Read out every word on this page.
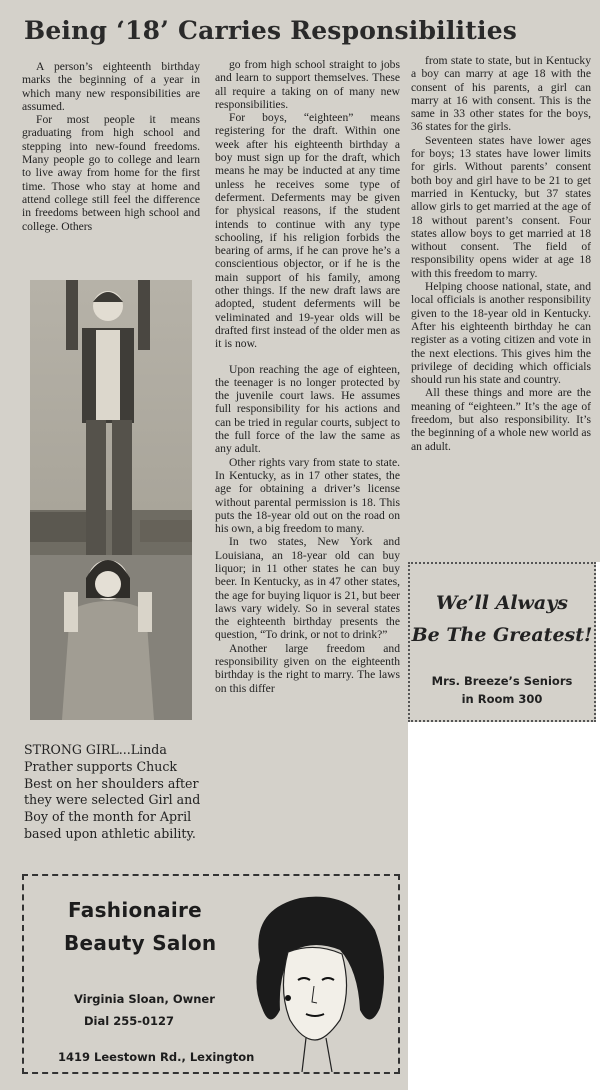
Being ‘18’ Carries Responsibilities

A person’s eighteenth birthday marks the beginning of a year in which many new responsibilities are assumed.

For most people it means graduating from high school and stepping into new-found freedoms. Many people go to college and learn to live away from home for the first time. Those who stay at home and attend college still feel the difference in freedoms between high school and college. Others

go from high school straight to jobs and learn to support themselves. These all require a taking on of many new responsibilities.

For boys, “eighteen” means registering for the draft. Within one week after his eighteenth birthday a boy must sign up for the draft, which means he may be inducted at any time unless he receives some type of deferment. Deferments may be given for physical reasons, if the student intends to continue with any type schooling, if his religion forbids the bearing of arms, if he can prove he’s a conscientious objector, or if he is the main support of his family, among other things. If the new draft laws are adopted, student deferments will be veliminated and 19-year olds will be drafted first instead of the older men as it is now.

Upon reaching the age of eighteen, the teenager is no longer protected by the juvenile court laws. He assumes full responsibility for his actions and can be tried in regular courts, subject to the full force of the law the same as any adult.

Other rights vary from state to state. In Kentucky, as in 17 other states, the age for obtaining a driver’s license without parental permission is 18. This puts the 18-year old out on the road on his own, a big freedom to many.

In two states, New York and Louisiana, an 18-year old can buy liquor; in 11 other states he can buy beer. In Kentucky, as in 47 other states, the age for buying liquor is 21, but beer laws vary widely. So in several states the eighteenth birthday presents the question, “To drink, or not to drink?”

Another large freedom and responsibility given on the eighteenth birthday is the right to marry. The laws on this differ

from state to state, but in Kentucky a boy can marry at age 18 with the consent of his parents, a girl can marry at 16 with consent. This is the same in 33 other states for the boys, 36 states for the girls.

Seventeen states have lower ages for boys; 13 states have lower limits for girls. Without parents’ consent both boy and girl have to be 21 to get married in Kentucky, but 37 states allow girls to get married at the age of 18 without parent’s consent. Four states allow boys to get married at 18 without consent. The field of responsibility opens wider at age 18 with this freedom to marry.

Helping choose national, state, and local officials is another responsibility given to the 18-year old in Kentucky. After his eighteenth birthday he can register as a voting citizen and vote in the next elections. This gives him the privilege of deciding which officials should run his state and country.

All these things and more are the meaning of “eighteen.” It’s the age of freedom, but also responsibility. It’s the beginning of a whole new world as an adult.

STRONG GIRL...Linda Prather supports Chuck Best on her shoulders after they were selected Girl and Boy of the month for April based upon athletic ability.
We’ll Always
Be The Greatest!
Mrs. Breeze’s Seniors
in Room 300
Fashionaire
Beauty Salon
Virginia Sloan, Owner
Dial 255-0127
1419 Leestown Rd., Lexington
